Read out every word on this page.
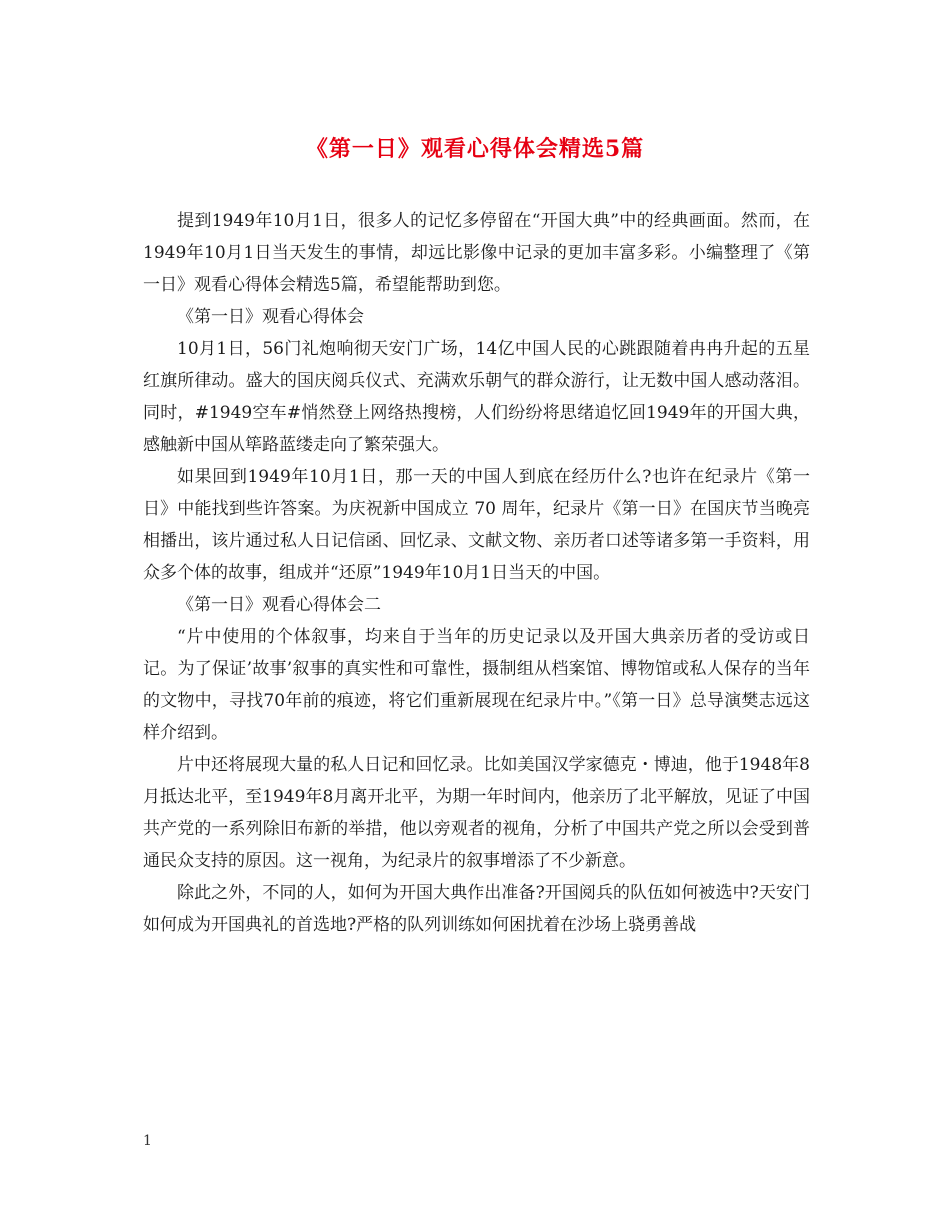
《第一日》观看心得体会精选5篇

提到1949年10月1日，很多人的记忆多停留在“开国大典”中的经典画面。然而，在1949年10月1日当天发生的事情，却远比影像中记录的更加丰富多彩。小编整理了《第一日》观看心得体会精选5篇，希望能帮助到您。

《第一日》观看心得体会

10月1日，56门礼炮响彻天安门广场，14亿中国人民的心跳跟随着冉冉升起的五星红旗所律动。盛大的国庆阅兵仪式、充满欢乐朝气的群众游行，让无数中国人感动落泪。同时，#1949空车#悄然登上网络热搜榜，人们纷纷将思绪追忆回1949年的开国大典，感触新中国从筚路蓝缕走向了繁荣强大。

如果回到1949年10月1日，那一天的中国人到底在经历什么?也许在纪录片《第一日》中能找到些许答案。为庆祝新中国成立 70 周年，纪录片《第一日》在国庆节当晚亮相播出，该片通过私人日记信函、回忆录、文献文物、亲历者口述等诸多第一手资料，用众多个体的故事，组成并“还原”1949年10月1日当天的中国。

《第一日》观看心得体会二

“片中使用的个体叙事，均来自于当年的历史记录以及开国大典亲历者的受访或日记。为了保证’故事’叙事的真实性和可靠性，摄制组从档案馆、博物馆或私人保存的当年的文物中，寻找70年前的痕迹，将它们重新展现在纪录片中。”《第一日》总导演樊志远这样介绍到。

片中还将展现大量的私人日记和回忆录。比如美国汉学家德克・博迪，他于1948年8月抵达北平，至1949年8月离开北平，为期一年时间内，他亲历了北平解放，见证了中国共产党的一系列除旧布新的举措，他以旁观者的视角，分析了中国共产党之所以会受到普通民众支持的原因。这一视角，为纪录片的叙事增添了不少新意。

除此之外，不同的人，如何为开国大典作出准备?开国阅兵的队伍如何被选中?天安门如何成为开国典礼的首选地?严格的队列训练如何困扰着在沙场上骁勇善战

1
